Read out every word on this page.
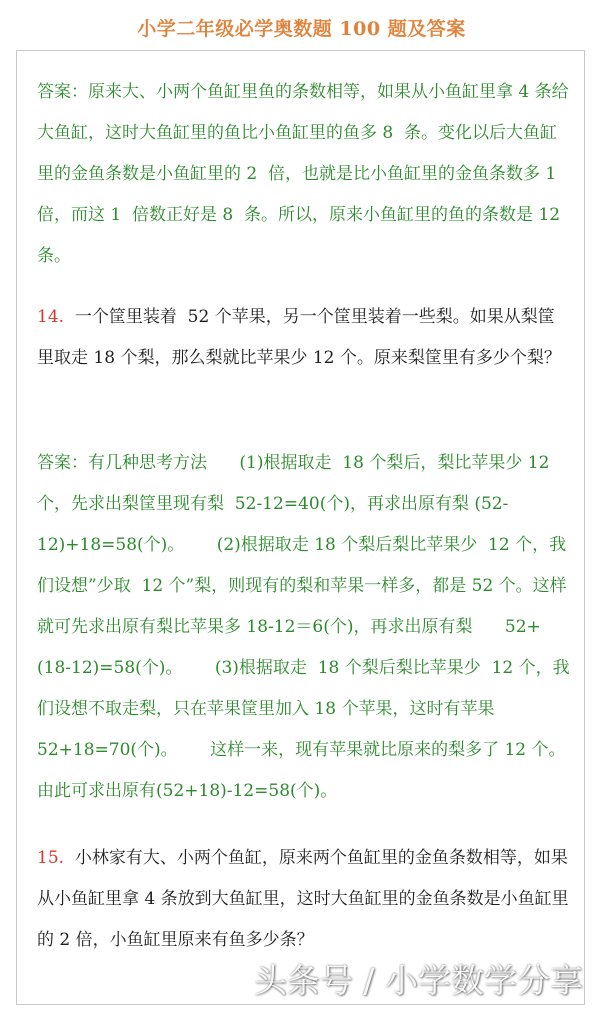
小学二年级必学奥数题 100 题及答案

答案：原来大、小两个鱼缸里鱼的条数相等，如果从小鱼缸里拿 4 条给大鱼缸，这时大鱼缸里的鱼比小鱼缸里的鱼多 8  条。变化以后大鱼缸里的金鱼条数是小鱼缸里的 2  倍，也就是比小鱼缸里的金鱼条数多 1  倍，而这 1  倍数正好是 8  条。所以，原来小鱼缸里的鱼的条数是 12 条。

14.  一个筐里装着  52 个苹果，另一个筐里装着一些梨。如果从梨筐里取走 18 个梨，那么梨就比苹果少 12 个。原来梨筐里有多少个梨？

答案：有几种思考方法      (1)根据取走  18 个梨后，梨比苹果少 12 个，先求出梨筐里现有梨  52-12=40(个)，再求出原有梨 (52-12)+18=58(个)。      (2)根据取走 18 个梨后梨比苹果少  12 个，我们设想”少取  12 个”梨，则现有的梨和苹果一样多，都是 52 个。这样就可先求出原有梨比苹果多 18-12＝6(个)，再求出原有梨      52+(18-12)=58(个)。      (3)根据取走  18 个梨后梨比苹果少  12 个，我们设想不取走梨，只在苹果筐里加入 18 个苹果，这时有苹果 52+18=70(个)。      这样一来，现有苹果就比原来的梨多了 12 个。由此可求出原有(52+18)-12=58(个)。

15.  小林家有大、小两个鱼缸，原来两个鱼缸里的金鱼条数相等，如果从小鱼缸里拿 4 条放到大鱼缸里，这时大鱼缸里的金鱼条数是小鱼缸里的 2 倍，小鱼缸里原来有鱼多少条？

头条号 / 小学数学分享
